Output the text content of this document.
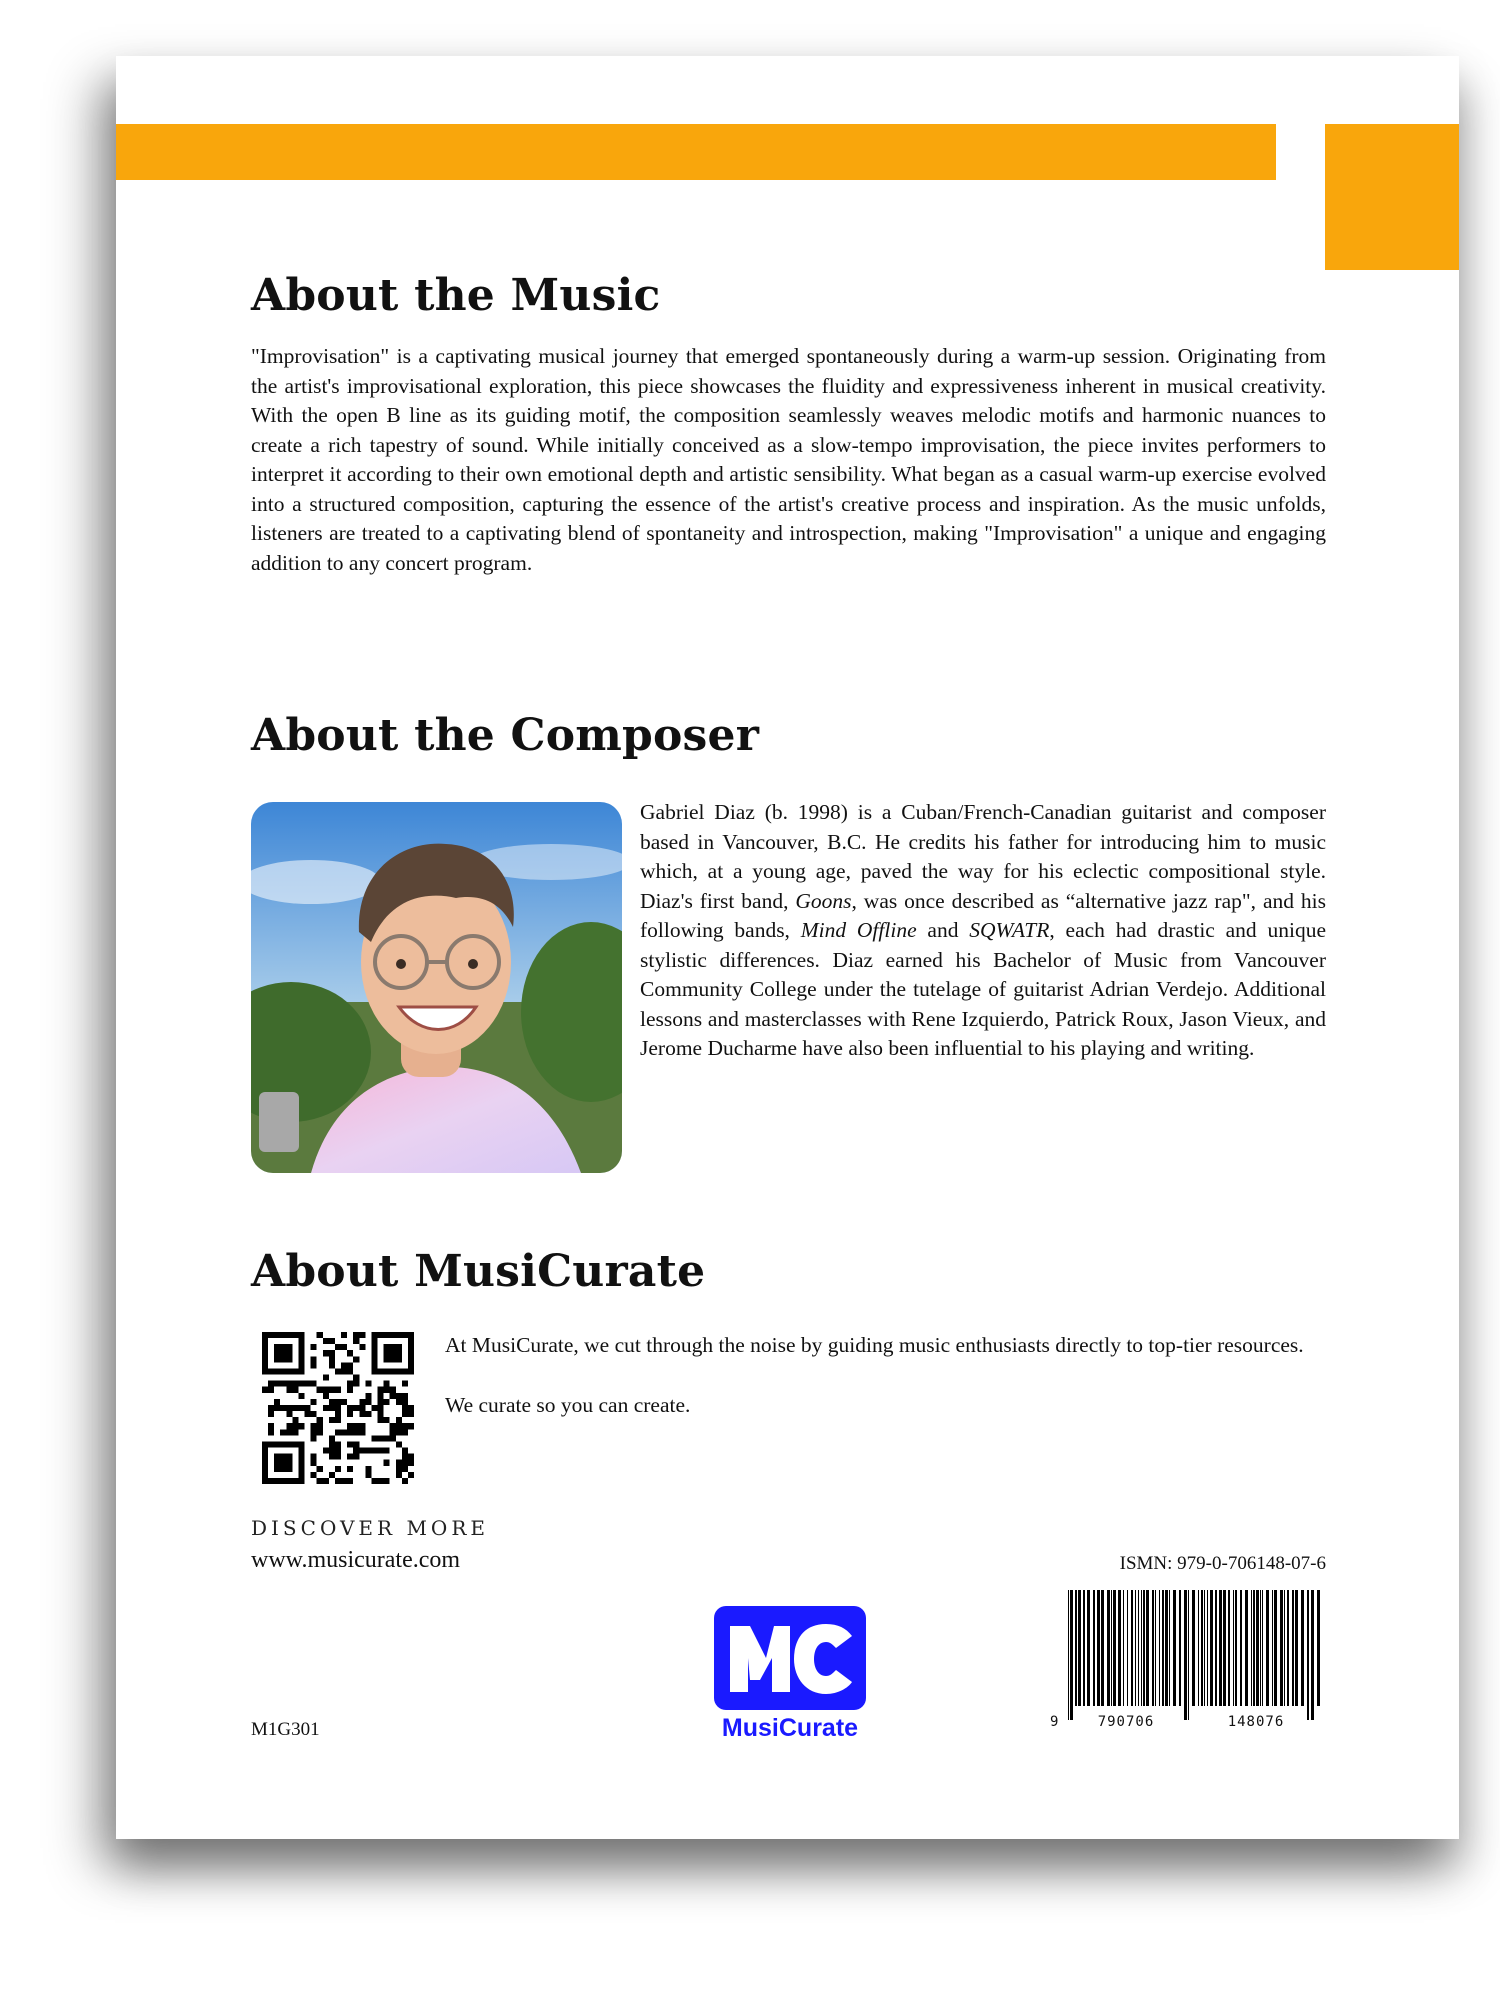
About the Music

"Improvisation" is a captivating musical journey that emerged spontaneously during a warm-up session. Originating from the artist's improvisational exploration, this piece showcases the fluidity and expressiveness inherent in musical creativity. With the open B line as its guiding motif, the composition seamlessly weaves melodic motifs and harmonic nuances to create a rich tapestry of sound. While initially conceived as a slow-tempo improvisation, the piece invites performers to interpret it according to their own emotional depth and artistic sensibility. What began as a casual warm-up exercise evolved into a structured composition, capturing the essence of the artist's creative process and inspiration. As the music unfolds, listeners are treated to a captivating blend of spontaneity and introspection, making "Improvisation" a unique and engaging addition to any concert program.

About the Composer

Gabriel Diaz (b. 1998) is a Cuban/French-Canadian guitarist and composer based in Vancouver, B.C. He credits his father for introducing him to music which, at a young age, paved the way for his eclectic compositional style. Diaz's first band, Goons, was once described as “alternative jazz rap", and his following bands, Mind Offline and SQWATR, each had drastic and unique stylistic differences. Diaz earned his Bachelor of Music from Vancouver Community College under the tutelage of guitarist Adrian Verdejo. Additional lessons and masterclasses with Rene Izquierdo, Patrick Roux, Jason Vieux, and Jerome Ducharme have also been influential to his playing and writing.

About MusiCurate

At MusiCurate, we cut through the noise by guiding music enthusiasts directly to top-tier resources.

We curate so you can create.

DISCOVER MORE

www.musicurate.com

M1G301	MusiCurate

ISMN: 979-0-706148-07-6

9	790706	148076
